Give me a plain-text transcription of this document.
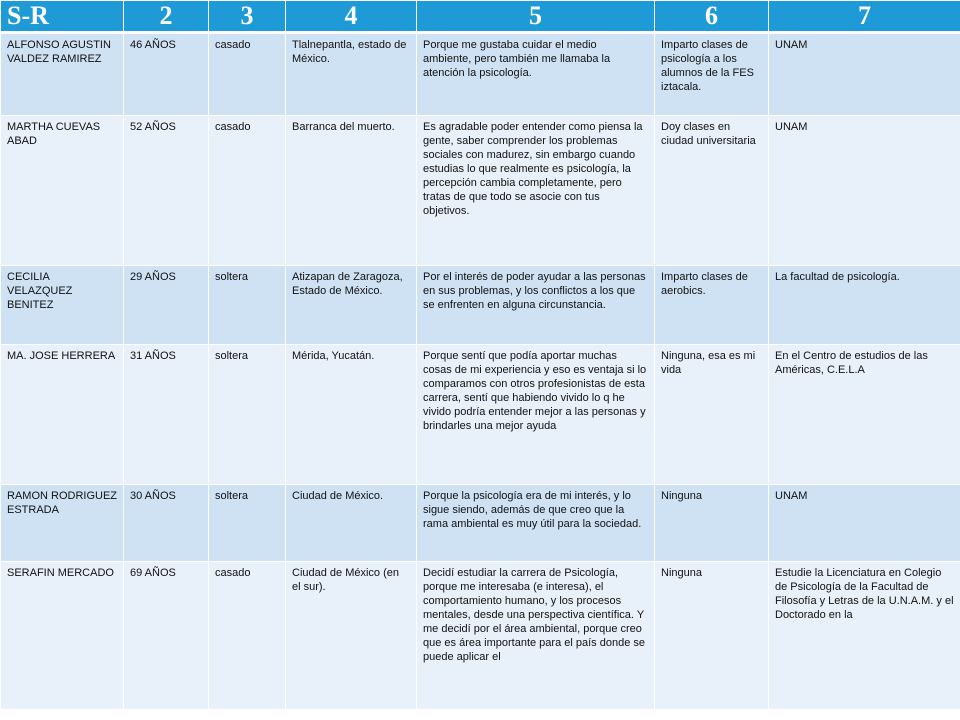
S-R	2	3	4	5	6	7
ALFONSO AGUSTIN VALDEZ RAMIREZ	46 AÑOS	casado	Tlalnepantla, estado de México.	Porque me gustaba cuidar el medio ambiente, pero también me llamaba la atención la psicología.	Imparto clases de psicología a los alumnos de la FES iztacala.	UNAM
MARTHA CUEVAS ABAD	52 AÑOS	casado	Barranca del muerto.	Es agradable poder entender como piensa la gente, saber comprender los problemas sociales con madurez, sin embargo cuando estudias lo que realmente es psicología, la percepción cambia completamente, pero tratas de que todo se asocie con tus objetivos.	Doy clases en ciudad universitaria	UNAM
CECILIA VELAZQUEZ BENITEZ	29 AÑOS	soltera	Atizapan de Zaragoza, Estado de México.	Por el interés de poder ayudar a las personas en sus problemas, y los conflictos a los que se enfrenten en alguna circunstancia.	Imparto clases de aerobics.	La facultad de psicología.
MA. JOSE HERRERA	31 AÑOS	soltera	Mérida, Yucatán.	Porque sentí que podía aportar muchas cosas de mi experiencia y eso es ventaja si lo comparamos con otros profesionistas de esta carrera, sentí que habiendo vivido lo q he vivido podría entender mejor a las personas y brindarles una mejor ayuda	Ninguna, esa es mi vida	En el Centro de estudios de las Américas, C.E.L.A
RAMON RODRIGUEZ ESTRADA	30 AÑOS	soltera	Ciudad de México.	Porque la psicología era de mi interés, y lo sigue siendo, además de que creo que la rama ambiental es muy útil para la sociedad.	Ninguna	UNAM
SERAFIN MERCADO	69 AÑOS	casado	Ciudad de México (en el sur).	Decidí estudiar la carrera de Psicología, porque me interesaba (e interesa), el comportamiento humano, y los procesos mentales, desde una perspectiva científica. Y me decidí por el área ambiental, porque creo que es área importante para el país donde se puede aplicar el	Ninguna	Estudie la Licenciatura en Colegio de Psicología de la Facultad de Filosofía y Letras de la U.N.A.M. y el Doctorado en la
